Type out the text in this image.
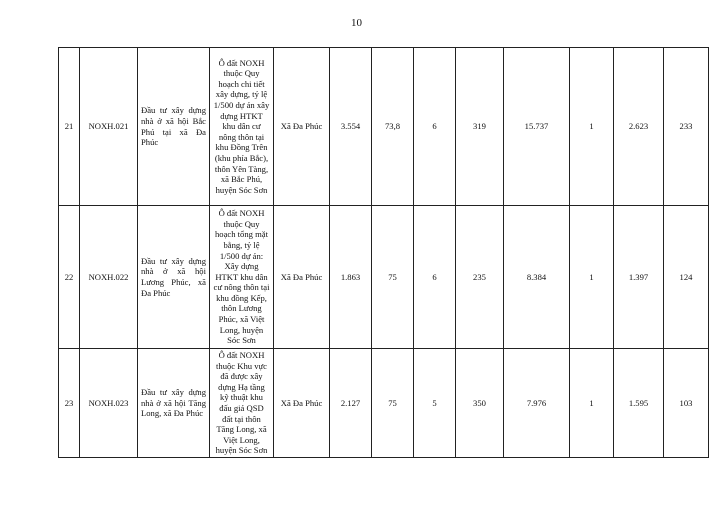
10
21	NOXH.021	Đầu tư xây dựng nhà ở xã hội Bắc Phú tại xã Đa Phúc	Ô đất NOXH thuộc Quy hoạch chi tiết xây dựng, tỷ lệ 1/500 dự án xây dựng HTKT khu dân cư nông thôn tại khu Đồng Trên (khu phía Bắc), thôn Yên Tàng, xã Bắc Phú, huyện Sóc Sơn	Xã Đa Phúc	3.554	73,8	6	319	15.737	1	2.623	233
22	NOXH.022	Đầu tư xây dựng nhà ở xã hội Lương Phúc, xã Đa Phúc	Ô đất NOXH thuộc Quy hoạch tổng mặt bằng, tỷ lệ 1/500 dự án: Xây dựng HTKT khu dân cư nông thôn tại khu đồng Kếp, thôn Lương Phúc, xã Việt Long, huyện Sóc Sơn	Xã Đa Phúc	1.863	75	6	235	8.384	1	1.397	124
23	NOXH.023	Đầu tư xây dựng nhà ở xã hội Tăng Long, xã Đa Phúc	Ô đất NOXH thuộc Khu vực đã được xây dựng Hạ tầng kỹ thuật khu đấu giá QSD đất tại thôn Tăng Long, xã Việt Long, huyện Sóc Sơn	Xã Đa Phúc	2.127	75	5	350	7.976	1	1.595	103
